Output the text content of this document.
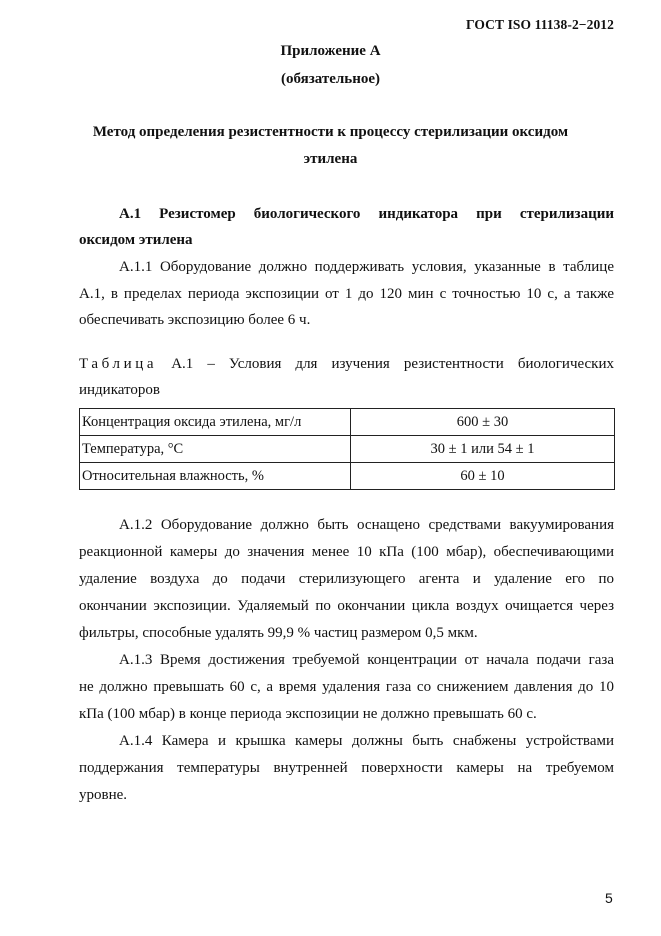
ГОСТ ISO 11138-2−2012
Приложение А
(обязательное)
Метод определения резистентности к процессу стерилизации оксидом
этилена
А.1 Резистомер биологического индикатора при стерилизации
оксидом этилена
А.1.1 Оборудование должно поддерживать условия, указанные в таблице
А.1, в пределах периода экспозиции от 1 до 120 мин с точностью 10 с, а также
обеспечивать экспозицию более 6 ч.
Таблица А.1 – Условия для изучения резистентности биологических
индикаторов
Концентрация оксида этилена, мг/л	600 ± 30
Температура, °С	30 ± 1 или 54 ± 1
Относительная влажность, %	60 ± 10
А.1.2 Оборудование должно быть оснащено средствами вакуумирования
реакционной камеры до значения менее 10 кПа (100 мбар), обеспечивающими
удаление воздуха до подачи стерилизующего агента и удаление его по
окончании экспозиции. Удаляемый по окончании цикла воздух очищается через
фильтры, способные удалять 99,9 % частиц размером 0,5 мкм.
А.1.3 Время достижения требуемой концентрации от начала подачи газа
не должно превышать 60 с, а время удаления газа со снижением давления до 10
кПа (100 мбар) в конце периода экспозиции не должно превышать 60 с.
А.1.4 Камера и крышка камеры должны быть снабжены устройствами
поддержания температуры внутренней поверхности камеры на требуемом
уровне.
5
